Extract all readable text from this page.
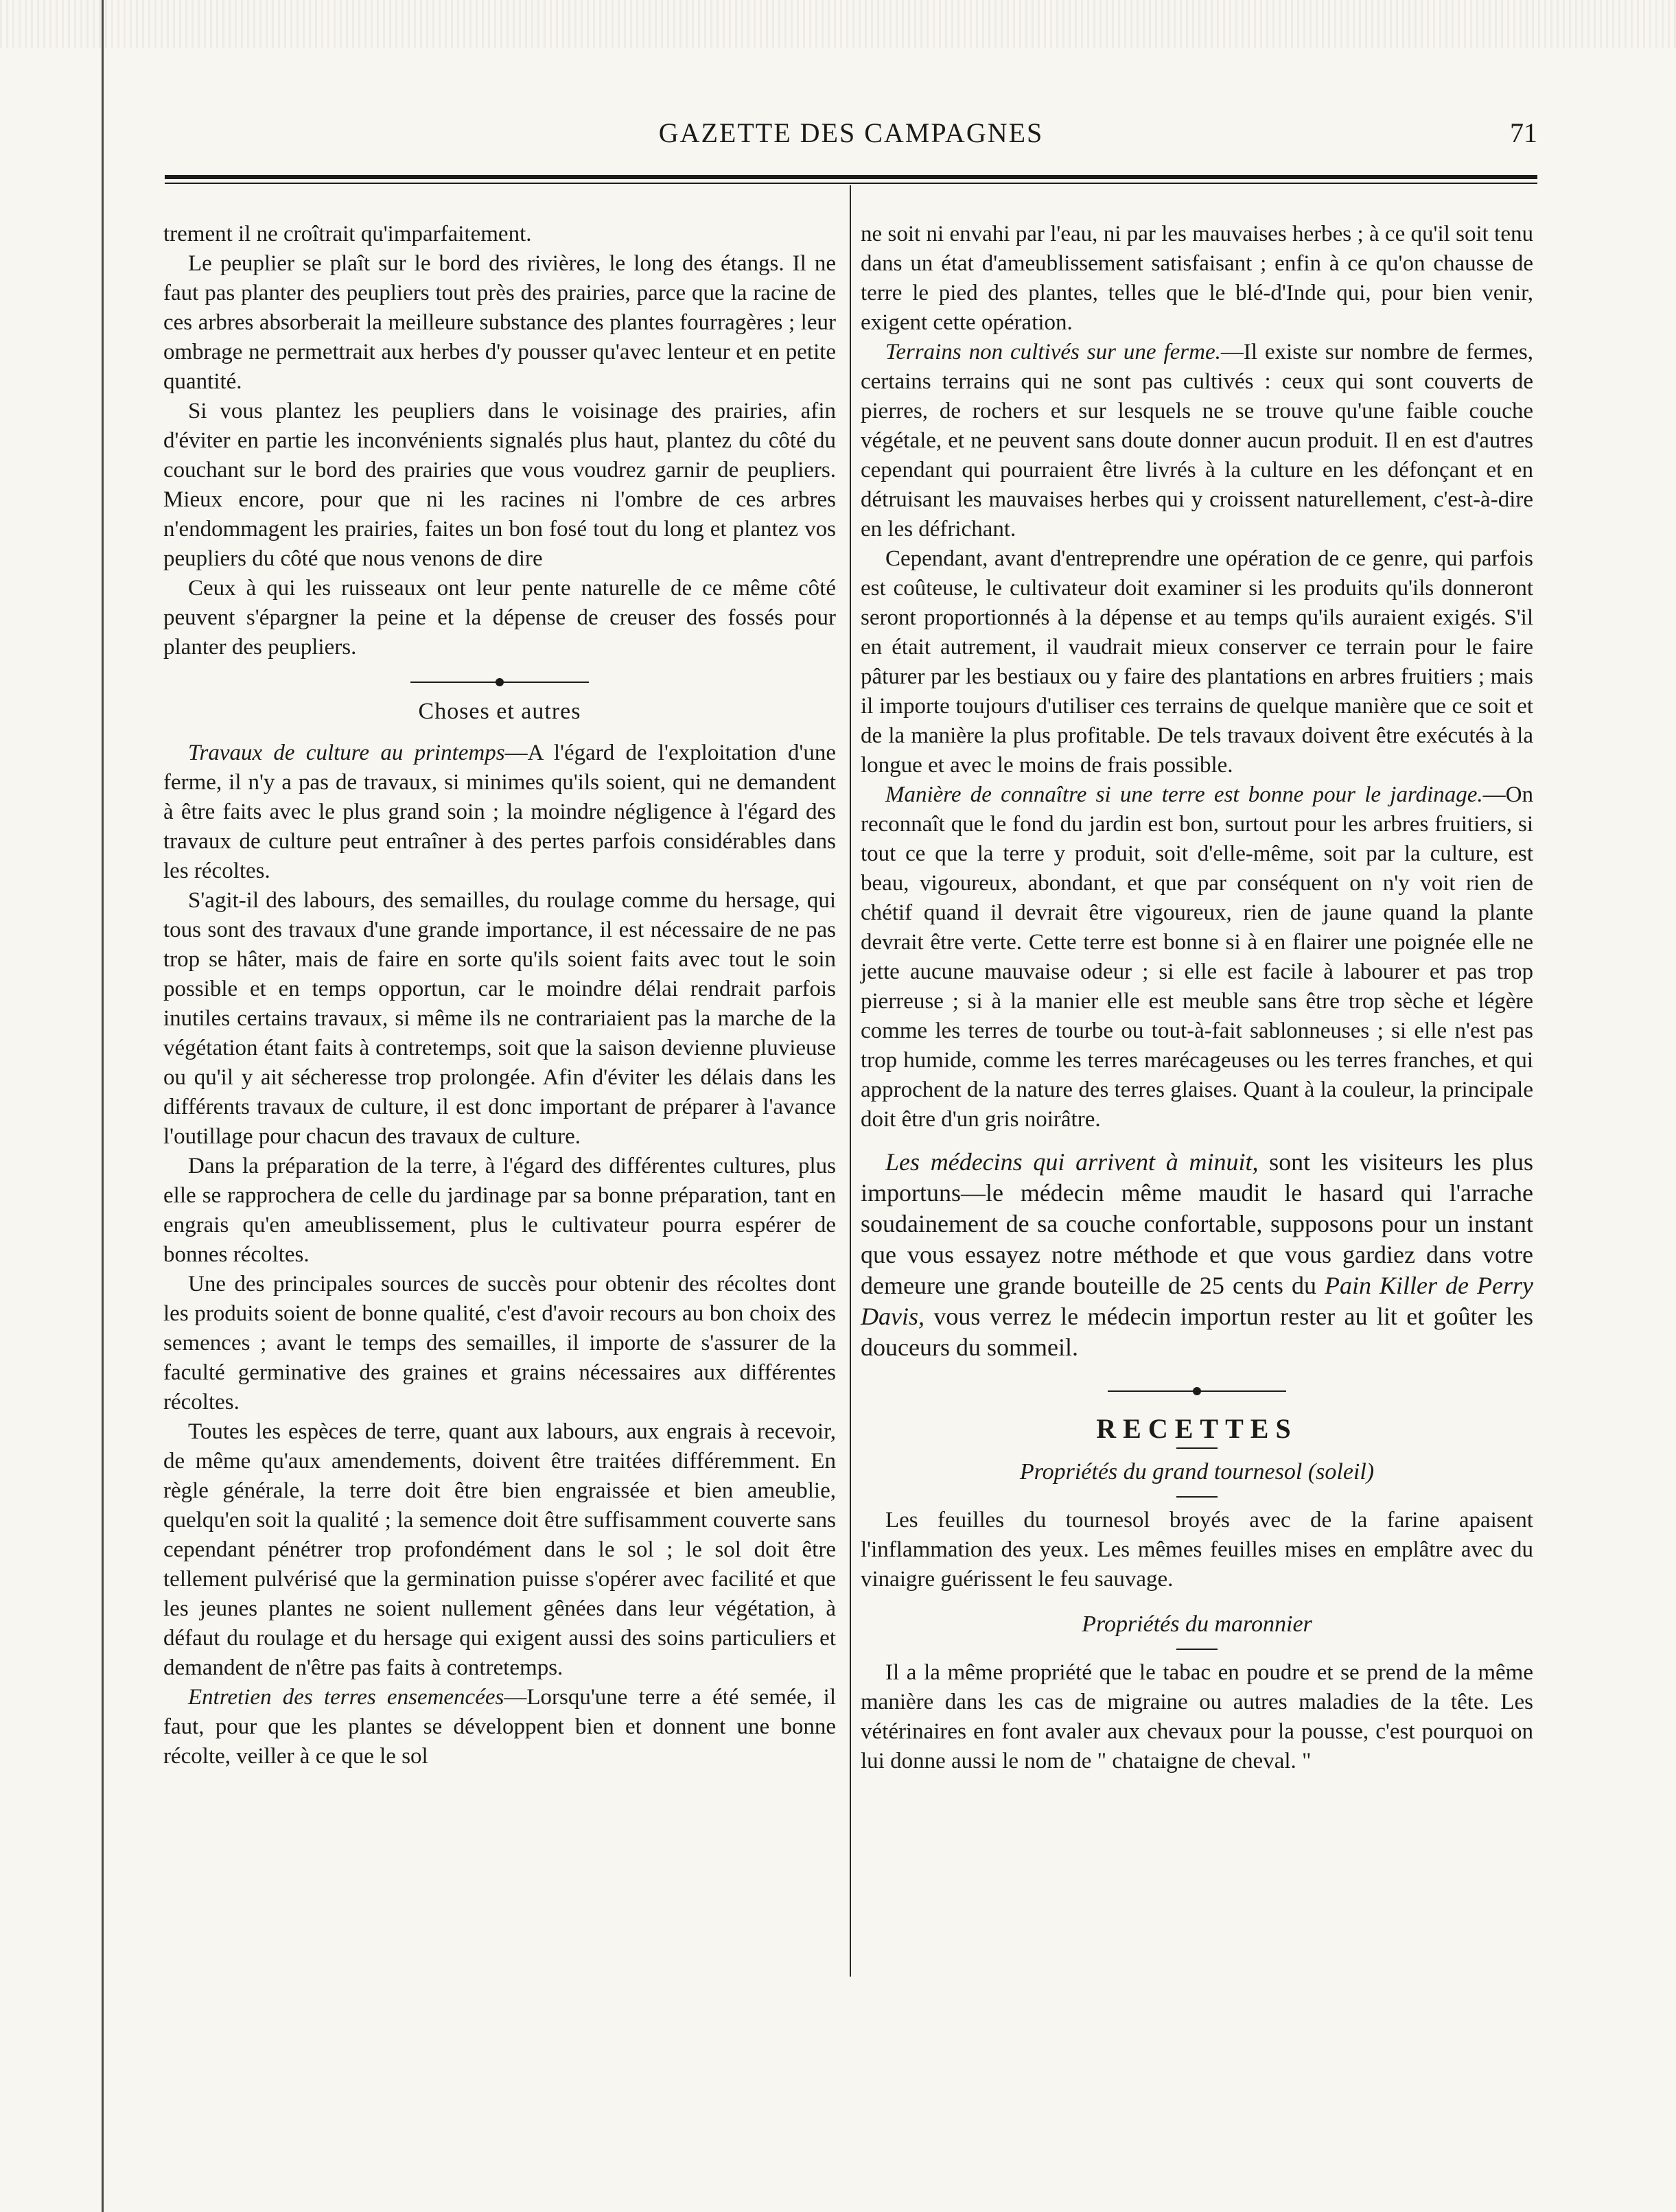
GAZETTE DES CAMPAGNES	71

trement il ne croîtrait qu'imparfaitement.

Le peuplier se plaît sur le bord des rivières, le long des étangs. Il ne faut pas planter des peupliers tout près des prairies, parce que la racine de ces arbres absorberait la meilleure substance des plantes fourragères ; leur ombrage ne permettrait aux herbes d'y pousser qu'avec lenteur et en petite quantité.

Si vous plantez les peupliers dans le voisinage des prairies, afin d'éviter en partie les inconvénients signalés plus haut, plantez du côté du couchant sur le bord des prairies que vous voudrez garnir de peupliers. Mieux encore, pour que ni les racines ni l'ombre de ces arbres n'endommagent les prairies, faites un bon fosé tout du long et plantez vos peupliers du côté que nous venons de dire

Ceux à qui les ruisseaux ont leur pente naturelle de ce même côté peuvent s'épargner la peine et la dépense de creuser des fossés pour planter des peupliers.

Choses et autres

Travaux de culture au printemps—A l'égard de l'exploitation d'une ferme, il n'y a pas de travaux, si minimes qu'ils soient, qui ne demandent à être faits avec le plus grand soin ; la moindre négligence à l'égard des travaux de culture peut entraîner à des pertes parfois considérables dans les récoltes.

S'agit-il des labours, des semailles, du roulage comme du hersage, qui tous sont des travaux d'une grande importance, il est nécessaire de ne pas trop se hâter, mais de faire en sorte qu'ils soient faits avec tout le soin possible et en temps opportun, car le moindre délai rendrait parfois inutiles certains travaux, si même ils ne contrariaient pas la marche de la végétation étant faits à contretemps, soit que la saison devienne pluvieuse ou qu'il y ait sécheresse trop prolongée. Afin d'éviter les délais dans les différents travaux de culture, il est donc important de préparer à l'avance l'outillage pour chacun des travaux de culture.

Dans la préparation de la terre, à l'égard des différentes cultures, plus elle se rapprochera de celle du jardinage par sa bonne préparation, tant en engrais qu'en ameublissement, plus le cultivateur pourra espérer de bonnes récoltes.

Une des principales sources de succès pour obtenir des récoltes dont les produits soient de bonne qualité, c'est d'avoir recours au bon choix des semences ; avant le temps des semailles, il importe de s'assurer de la faculté germinative des graines et grains nécessaires aux différentes récoltes.

Toutes les espèces de terre, quant aux labours, aux engrais à recevoir, de même qu'aux amendements, doivent être traitées différemment. En règle générale, la terre doit être bien engraissée et bien ameublie, quelqu'en soit la qualité ; la semence doit être suffisamment couverte sans cependant pénétrer trop profondément dans le sol ; le sol doit être tellement pulvérisé que la germination puisse s'opérer avec facilité et que les jeunes plantes ne soient nullement gênées dans leur végétation, à défaut du roulage et du hersage qui exigent aussi des soins particuliers et demandent de n'être pas faits à contretemps.

Entretien des terres ensemencées—Lorsqu'une terre a été semée, il faut, pour que les plantes se développent bien et donnent une bonne récolte, veiller à ce que le sol

ne soit ni envahi par l'eau, ni par les mauvaises herbes ; à ce qu'il soit tenu dans un état d'ameublissement satisfaisant ; enfin à ce qu'on chausse de terre le pied des plantes, telles que le blé-d'Inde qui, pour bien venir, exigent cette opération.

Terrains non cultivés sur une ferme.—Il existe sur nombre de fermes, certains terrains qui ne sont pas cultivés : ceux qui sont couverts de pierres, de rochers et sur lesquels ne se trouve qu'une faible couche végétale, et ne peuvent sans doute donner aucun produit. Il en est d'autres cependant qui pourraient être livrés à la culture en les défonçant et en détruisant les mauvaises herbes qui y croissent naturellement, c'est-à-dire en les défrichant.

Cependant, avant d'entreprendre une opération de ce genre, qui parfois est coûteuse, le cultivateur doit examiner si les produits qu'ils donneront seront proportionnés à la dépense et au temps qu'ils auraient exigés. S'il en était autrement, il vaudrait mieux conserver ce terrain pour le faire pâturer par les bestiaux ou y faire des plantations en arbres fruitiers ; mais il importe toujours d'utiliser ces terrains de quelque manière que ce soit et de la manière la plus profitable. De tels travaux doivent être exécutés à la longue et avec le moins de frais possible.

Manière de connaître si une terre est bonne pour le jardinage.—On reconnaît que le fond du jardin est bon, surtout pour les arbres fruitiers, si tout ce que la terre y produit, soit d'elle-même, soit par la culture, est beau, vigoureux, abondant, et que par conséquent on n'y voit rien de chétif quand il devrait être vigoureux, rien de jaune quand la plante devrait être verte. Cette terre est bonne si à en flairer une poignée elle ne jette aucune mauvaise odeur ; si elle est facile à labourer et pas trop pierreuse ; si à la manier elle est meuble sans être trop sèche et légère comme les terres de tourbe ou tout-à-fait sablonneuses ; si elle n'est pas trop humide, comme les terres marécageuses ou les terres franches, et qui approchent de la nature des terres glaises. Quant à la couleur, la principale doit être d'un gris noirâtre.

Les médecins qui arrivent à minuit, sont les visiteurs les plus importuns—le médecin même maudit le hasard qui l'arrache soudainement de sa couche confortable, supposons pour un instant que vous essayez notre méthode et que vous gardiez dans votre demeure une grande bouteille de 25 cents du Pain Killer de Perry Davis, vous verrez le médecin importun rester au lit et goûter les douceurs du sommeil.

RECETTES
Propriétés du grand tournesol (soleil)

Les feuilles du tournesol broyés avec de la farine apaisent l'inflammation des yeux. Les mêmes feuilles mises en emplâtre avec du vinaigre guérissent le feu sauvage.

Propriétés du maronnier

Il a la même propriété que le tabac en poudre et se prend de la même manière dans les cas de migraine ou autres maladies de la tête. Les vétérinaires en font avaler aux chevaux pour la pousse, c'est pourquoi on lui donne aussi le nom de " chataigne de cheval. "
